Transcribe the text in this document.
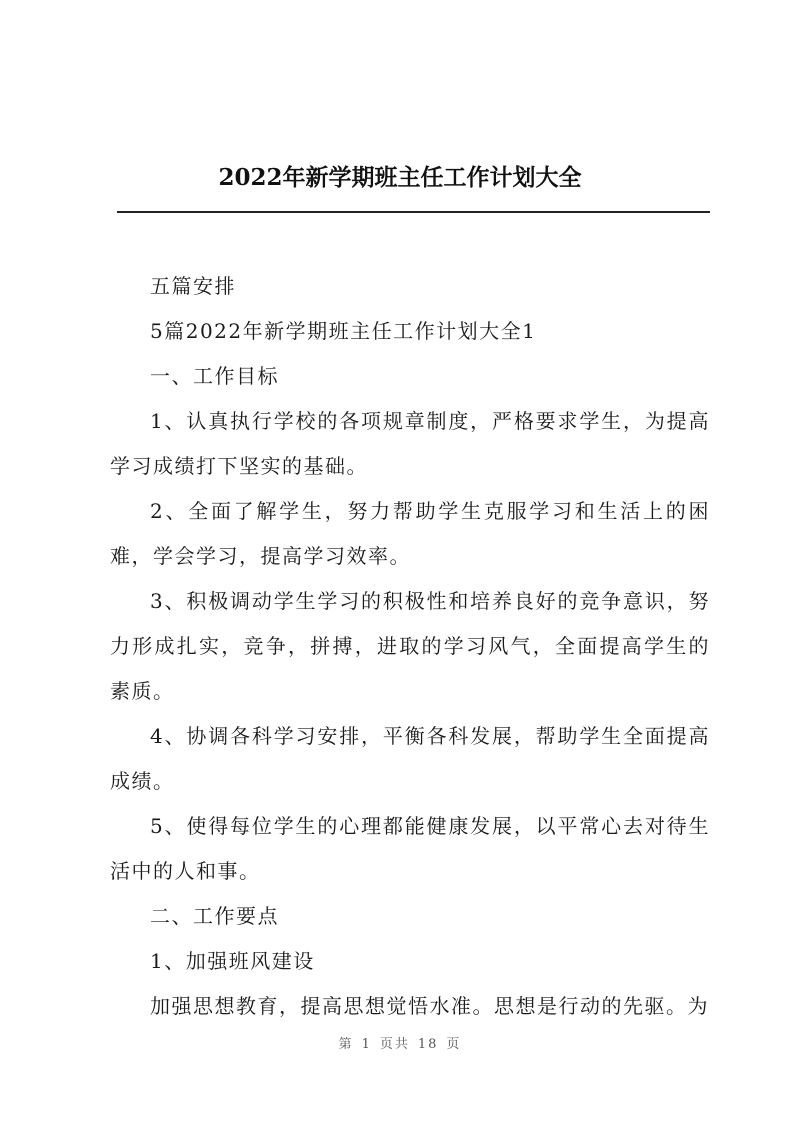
2022年新学期班主任工作计划大全

五篇安排

5篇2022年新学期班主任工作计划大全1

一、工作目标

1、认真执行学校的各项规章制度，严格要求学生，为提高学习成绩打下坚实的基础。

2、全面了解学生，努力帮助学生克服学习和生活上的困难，学会学习，提高学习效率。

3、积极调动学生学习的积极性和培养良好的竞争意识，努力形成扎实，竞争，拼搏，进取的学习风气，全面提高学生的素质。

4、协调各科学习安排，平衡各科发展，帮助学生全面提高成绩。

5、使得每位学生的心理都能健康发展，以平常心去对待生活中的人和事。

二、工作要点

1、加强班风建设

加强思想教育，提高思想觉悟水准。思想是行动的先驱。为

第 1 页共 18 页
